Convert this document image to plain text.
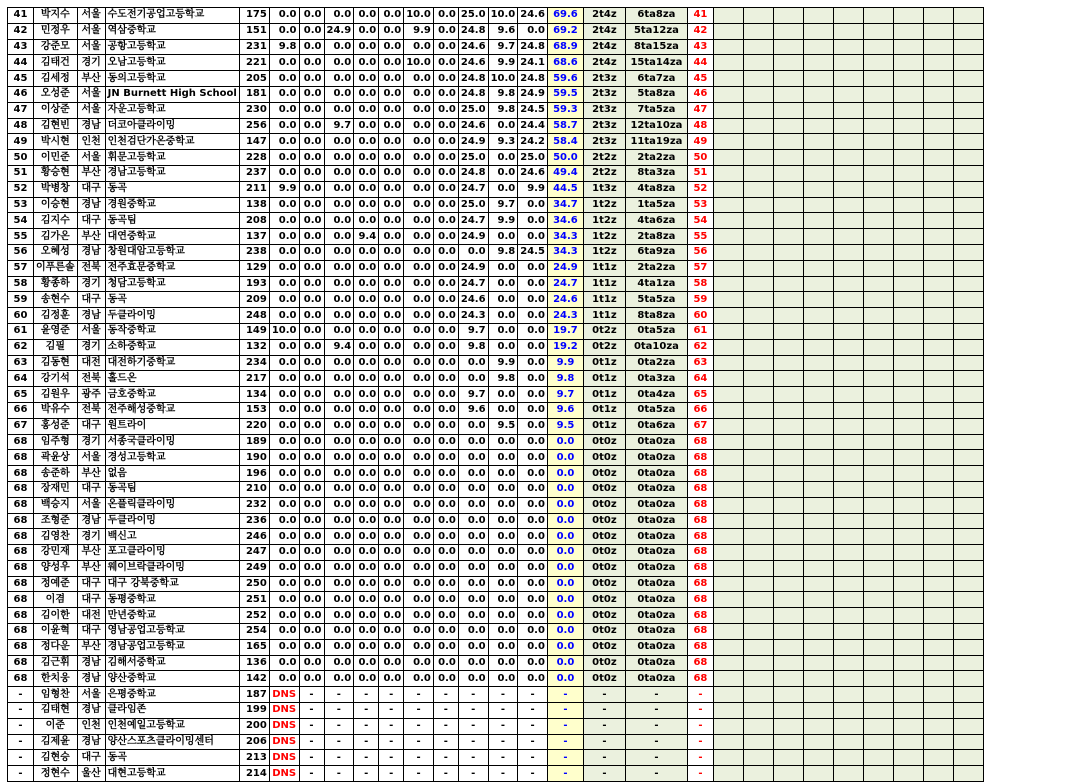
41	박지수	서울	수도전기공업고등학교	175	0.0	0.0	0.0	0.0	0.0	10.0	0.0	25.0	10.0	24.6	69.6	2t4z	6ta8za	41									
42	민정우	서울	역삼중학교	151	0.0	0.0	24.9	0.0	0.0	9.9	0.0	24.8	9.6	0.0	69.2	2t4z	5ta12za	42									
43	강준모	서울	공항고등학교	231	9.8	0.0	0.0	0.0	0.0	0.0	0.0	24.6	9.7	24.8	68.9	2t4z	8ta15za	43									
44	김태건	경기	오남고등학교	221	0.0	0.0	0.0	0.0	0.0	10.0	0.0	24.6	9.9	24.1	68.6	2t4z	15ta14za	44									
45	김세정	부산	동의고등학교	205	0.0	0.0	0.0	0.0	0.0	0.0	0.0	24.8	10.0	24.8	59.6	2t3z	6ta7za	45									
46	오성준	서울	JN Burnett High School	181	0.0	0.0	0.0	0.0	0.0	0.0	0.0	24.8	9.8	24.9	59.5	2t3z	5ta8za	46									
47	이상준	서울	자운고등학교	230	0.0	0.0	0.0	0.0	0.0	0.0	0.0	25.0	9.8	24.5	59.3	2t3z	7ta5za	47									
48	김현빈	경남	더코아클라이밍	256	0.0	0.0	9.7	0.0	0.0	0.0	0.0	24.6	0.0	24.4	58.7	2t3z	12ta10za	48									
49	박시현	인천	인천검단가온중학교	147	0.0	0.0	0.0	0.0	0.0	0.0	0.0	24.9	9.3	24.2	58.4	2t3z	11ta19za	49									
50	이민준	서울	휘문고등학교	228	0.0	0.0	0.0	0.0	0.0	0.0	0.0	25.0	0.0	25.0	50.0	2t2z	2ta2za	50									
51	황승현	부산	경남고등학교	237	0.0	0.0	0.0	0.0	0.0	0.0	0.0	24.8	0.0	24.6	49.4	2t2z	8ta3za	51									
52	박병창	대구	동곡	211	9.9	0.0	0.0	0.0	0.0	0.0	0.0	24.7	0.0	9.9	44.5	1t3z	4ta8za	52									
53	이승현	경남	경원중학교	138	0.0	0.0	0.0	0.0	0.0	0.0	0.0	25.0	9.7	0.0	34.7	1t2z	1ta5za	53									
54	김지수	대구	동곡팀	208	0.0	0.0	0.0	0.0	0.0	0.0	0.0	24.7	9.9	0.0	34.6	1t2z	4ta6za	54									
55	김가온	부산	대연중학교	137	0.0	0.0	0.0	9.4	0.0	0.0	0.0	24.9	0.0	0.0	34.3	1t2z	2ta8za	55									
56	오혜성	경남	창원대암고등학교	238	0.0	0.0	0.0	0.0	0.0	0.0	0.0	0.0	9.8	24.5	34.3	1t2z	6ta9za	56									
57	이푸른솔	전북	전주효문중학교	129	0.0	0.0	0.0	0.0	0.0	0.0	0.0	24.9	0.0	0.0	24.9	1t1z	2ta2za	57									
58	황종하	경기	청담고등학교	193	0.0	0.0	0.0	0.0	0.0	0.0	0.0	24.7	0.0	0.0	24.7	1t1z	4ta1za	58									
59	송현수	대구	동곡	209	0.0	0.0	0.0	0.0	0.0	0.0	0.0	24.6	0.0	0.0	24.6	1t1z	5ta5za	59									
60	김정훈	경남	두클라이밍	248	0.0	0.0	0.0	0.0	0.0	0.0	0.0	24.3	0.0	0.0	24.3	1t1z	8ta8za	60									
61	윤영준	서울	동작중학교	149	10.0	0.0	0.0	0.0	0.0	0.0	0.0	9.7	0.0	0.0	19.7	0t2z	0ta5za	61									
62	김필	경기	소하중학교	132	0.0	0.0	9.4	0.0	0.0	0.0	0.0	9.8	0.0	0.0	19.2	0t2z	0ta10za	62									
63	김동현	대전	대전하기중학교	234	0.0	0.0	0.0	0.0	0.0	0.0	0.0	0.0	9.9	0.0	9.9	0t1z	0ta2za	63									
64	강기석	전북	홀드온	217	0.0	0.0	0.0	0.0	0.0	0.0	0.0	0.0	9.8	0.0	9.8	0t1z	0ta3za	64									
65	김원우	광주	금호중학교	134	0.0	0.0	0.0	0.0	0.0	0.0	0.0	9.7	0.0	0.0	9.7	0t1z	0ta4za	65									
66	박유수	전북	전주해성중학교	153	0.0	0.0	0.0	0.0	0.0	0.0	0.0	9.6	0.0	0.0	9.6	0t1z	0ta5za	66									
67	홍성준	대구	원트라이	220	0.0	0.0	0.0	0.0	0.0	0.0	0.0	0.0	9.5	0.0	9.5	0t1z	0ta6za	67									
68	임주형	경기	서종국클라이밍	189	0.0	0.0	0.0	0.0	0.0	0.0	0.0	0.0	0.0	0.0	0.0	0t0z	0ta0za	68									
68	곽윤상	서울	경성고등학교	190	0.0	0.0	0.0	0.0	0.0	0.0	0.0	0.0	0.0	0.0	0.0	0t0z	0ta0za	68									
68	송준하	부산	없음	196	0.0	0.0	0.0	0.0	0.0	0.0	0.0	0.0	0.0	0.0	0.0	0t0z	0ta0za	68									
68	장재민	대구	동곡팀	210	0.0	0.0	0.0	0.0	0.0	0.0	0.0	0.0	0.0	0.0	0.0	0t0z	0ta0za	68									
68	백승지	서울	온플릭클라이밍	232	0.0	0.0	0.0	0.0	0.0	0.0	0.0	0.0	0.0	0.0	0.0	0t0z	0ta0za	68									
68	조형준	경남	두클라이밍	236	0.0	0.0	0.0	0.0	0.0	0.0	0.0	0.0	0.0	0.0	0.0	0t0z	0ta0za	68									
68	김영찬	경기	백신고	246	0.0	0.0	0.0	0.0	0.0	0.0	0.0	0.0	0.0	0.0	0.0	0t0z	0ta0za	68									
68	강민재	부산	포고클라이밍	247	0.0	0.0	0.0	0.0	0.0	0.0	0.0	0.0	0.0	0.0	0.0	0t0z	0ta0za	68									
68	양성우	부산	웨이브락클라이밍	249	0.0	0.0	0.0	0.0	0.0	0.0	0.0	0.0	0.0	0.0	0.0	0t0z	0ta0za	68									
68	정예준	대구	대구 강북중학교	250	0.0	0.0	0.0	0.0	0.0	0.0	0.0	0.0	0.0	0.0	0.0	0t0z	0ta0za	68									
68	이겸	대구	동평중학교	251	0.0	0.0	0.0	0.0	0.0	0.0	0.0	0.0	0.0	0.0	0.0	0t0z	0ta0za	68									
68	김이한	대전	만년중학교	252	0.0	0.0	0.0	0.0	0.0	0.0	0.0	0.0	0.0	0.0	0.0	0t0z	0ta0za	68									
68	이윤혁	대구	영남공업고등학교	254	0.0	0.0	0.0	0.0	0.0	0.0	0.0	0.0	0.0	0.0	0.0	0t0z	0ta0za	68									
68	정다운	부산	경남공업고등학교	165	0.0	0.0	0.0	0.0	0.0	0.0	0.0	0.0	0.0	0.0	0.0	0t0z	0ta0za	68									
68	김근휘	경남	김해서중학교	136	0.0	0.0	0.0	0.0	0.0	0.0	0.0	0.0	0.0	0.0	0.0	0t0z	0ta0za	68									
68	한치웅	경남	양산중학교	142	0.0	0.0	0.0	0.0	0.0	0.0	0.0	0.0	0.0	0.0	0.0	0t0z	0ta0za	68									
-	임형찬	서울	은평중학교	187	DNS	-	-	-	-	-	-	-	-	-	-	-	-	-									
-	김태현	경남	클라임존	199	DNS	-	-	-	-	-	-	-	-	-	-	-	-	-									
-	이준	인천	인천예일고등학교	200	DNS	-	-	-	-	-	-	-	-	-	-	-	-	-									
-	김제윤	경남	양산스포츠클라이밍센터	206	DNS	-	-	-	-	-	-	-	-	-	-	-	-	-									
-	김현승	대구	동곡	213	DNS	-	-	-	-	-	-	-	-	-	-	-	-	-									
-	정현수	울산	대현고등학교	214	DNS	-	-	-	-	-	-	-	-	-	-	-	-	-									
